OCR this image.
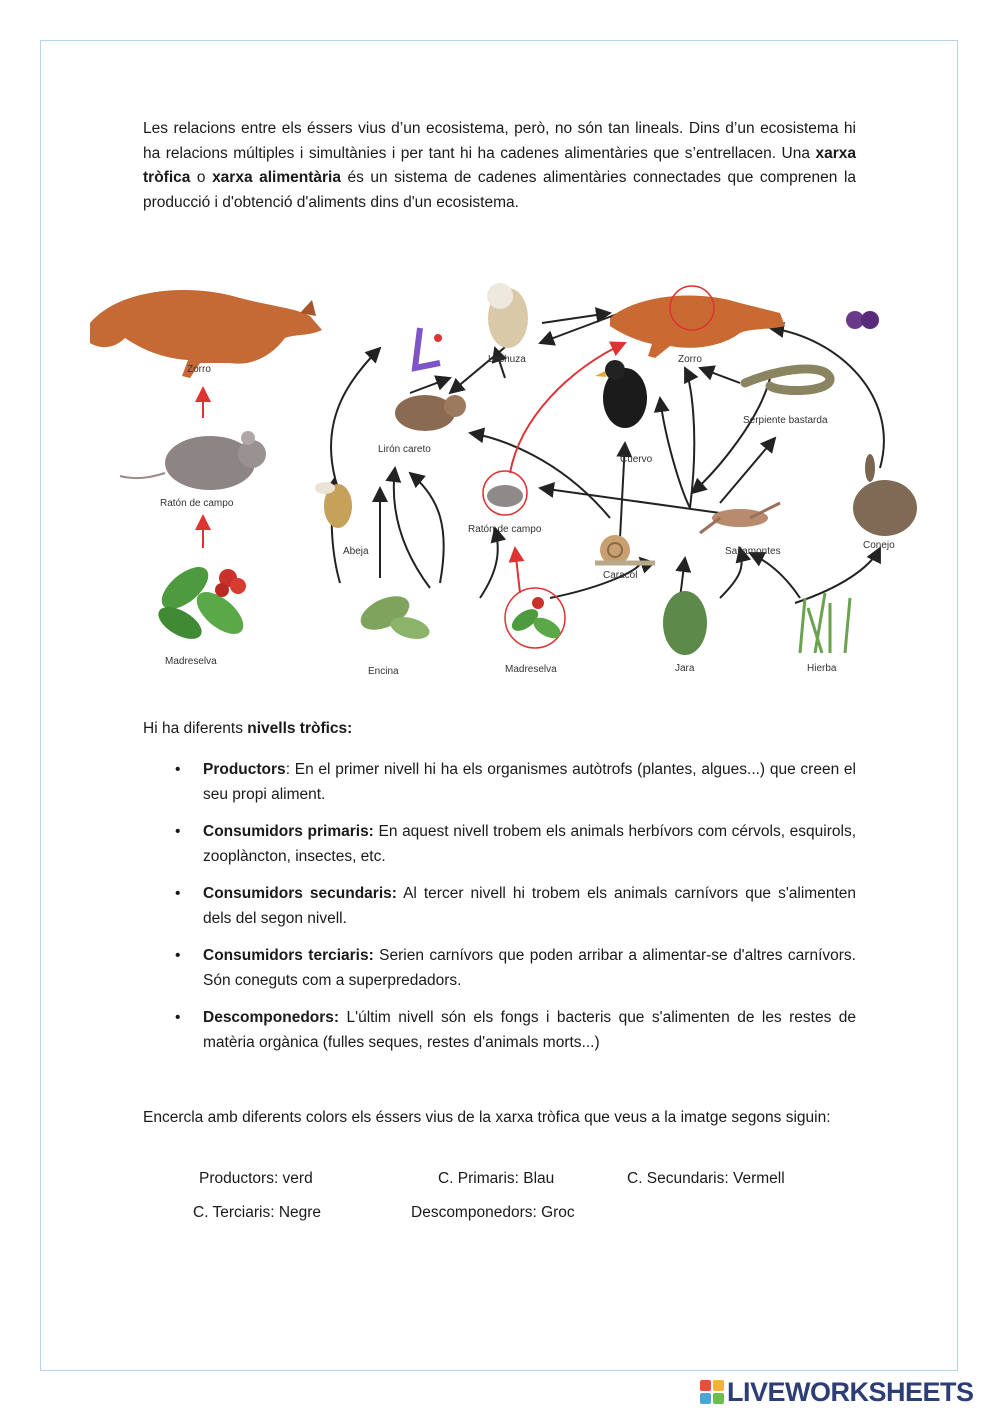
Les relacions entre els éssers vius d’un ecosistema, però, no són tan lineals. Dins d’un ecosistema hi ha relacions múltiples i simultànies i per tant hi ha cadenes alimentàries que s’entrellacen. Una xarxa tròfica o xarxa alimentària és un sistema de cadenes alimentàries connectades que comprenen la producció i d'obtenció d'aliments dins d'un ecosistema.

Zorro
Ratón de campo
Madreselva
Lechuza	Zorro
Lirón careto
Cuervo
Serpiente bastarda
Abeja
Ratón de campo
Saltamontes
Conejo
Caracol
Encina	Madreselva	Jara	Hierba

Hi ha diferents nivells tròfics:

• Productors: En el primer nivell hi ha els organismes autòtrofs (plantes, algues...) que creen el seu propi aliment.
• Consumidors primaris: En aquest nivell trobem els animals herbívors com cérvols, esquirols, zooplàncton, insectes, etc.
• Consumidors secundaris: Al tercer nivell hi trobem els animals carnívors que s'alimenten dels del segon nivell.
• Consumidors terciaris: Serien carnívors que poden arribar a alimentar-se d'altres carnívors. Són coneguts com a superpredadors.
• Descomponedors: L'últim nivell són els fongs i bacteris que s'alimenten de les restes de matèria orgànica (fulles seques, restes d'animals morts...)

Encercla amb diferents colors els éssers vius de la xarxa tròfica que veus a la imatge segons siguin:

Productors: verd	C. Primaris: Blau	C. Secundaris: Vermell
C. Terciaris: Negre	Descomponedors: Groc
LIVEWORKSHEETS
